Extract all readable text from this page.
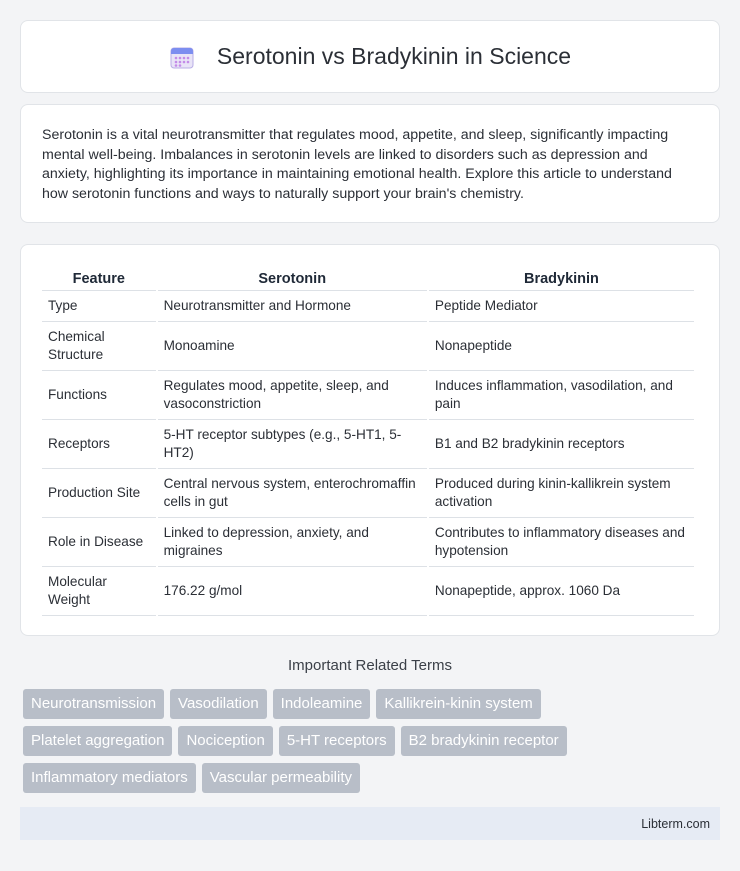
Serotonin vs Bradykinin in Science

Serotonin is a vital neurotransmitter that regulates mood, appetite, and sleep, significantly impacting mental well-being. Imbalances in serotonin levels are linked to disorders such as depression and anxiety, highlighting its importance in maintaining emotional health. Explore this article to understand how serotonin functions and ways to naturally support your brain's chemistry.

Feature	Serotonin	Bradykinin
Type	Neurotransmitter and Hormone	Peptide Mediator
Chemical Structure	Monoamine	Nonapeptide
Functions	Regulates mood, appetite, sleep, and vasoconstriction	Induces inflammation, vasodilation, and pain
Receptors	5-HT receptor subtypes (e.g., 5-HT1, 5-HT2)	B1 and B2 bradykinin receptors
Production Site	Central nervous system, enterochromaffin cells in gut	Produced during kinin-kallikrein system activation
Role in Disease	Linked to depression, anxiety, and migraines	Contributes to inflammatory diseases and hypotension
Molecular Weight	176.22 g/mol	Nonapeptide, approx. 1060 Da
Important Related Terms
Neurotransmission	Vasodilation	Indoleamine	Kallikrein-kinin system
Platelet aggregation	Nociception	5-HT receptors	B2 bradykinin receptor
Inflammatory mediators	Vascular permeability
Libterm.com
